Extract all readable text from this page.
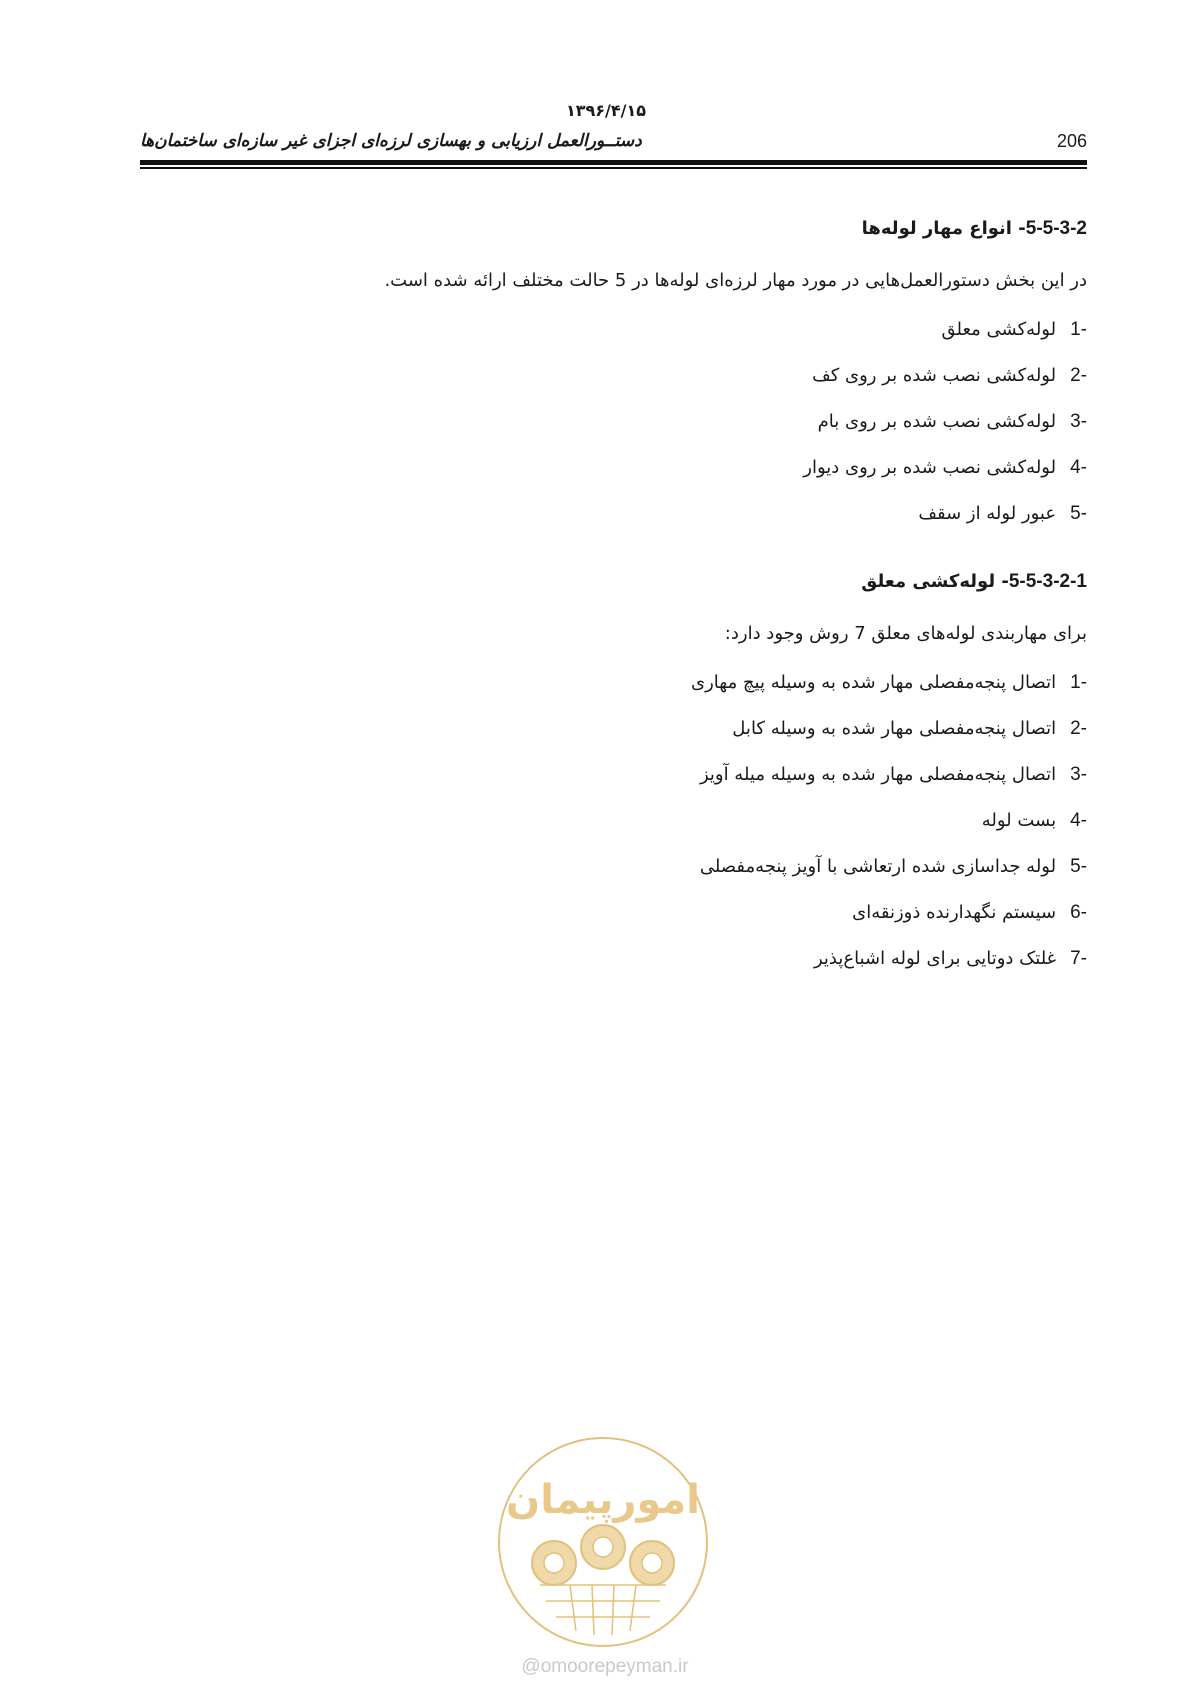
۱۳۹۶/۴/۱۵
دستــورالعمل ارزیابی و بهسازی لرزه‌ای اجزای غیر سازه‌ای ساختمان‌ها	206
5-5-3-2- انواع مهار لوله‌ها
در این بخش دستورالعمل‌هایی در مورد مهار لرزه‌ای لوله‌ها در 5 حالت مختلف ارائه شده است.
1-لوله‌کشی معلق
2-لوله‌کشی نصب شده بر روی کف
3-لوله‌کشی نصب شده بر روی بام
4-لوله‌کشی نصب شده بر روی دیوار
5-عبور لوله از سقف
5-5-3-2-1- لوله‌کشی معلق
برای مهاربندی لوله‌های معلق 7 روش وجود دارد:
1-اتصال پنجه‌مفصلی مهار شده به وسیله پیچ مهاری
2-اتصال پنجه‌مفصلی مهار شده به وسیله کابل
3-اتصال پنجه‌مفصلی مهار شده به وسیله میله آویز
4-بست لوله
5-لوله جداسازی شده ارتعاشی با آویز پنجه‌مفصلی
6-سیستم نگهدارنده ذوزنقه‌ای
7-غلتک دوتایی برای لوله اشباع‌پذیر
امورپیمان
@omoorepeyman.ir
